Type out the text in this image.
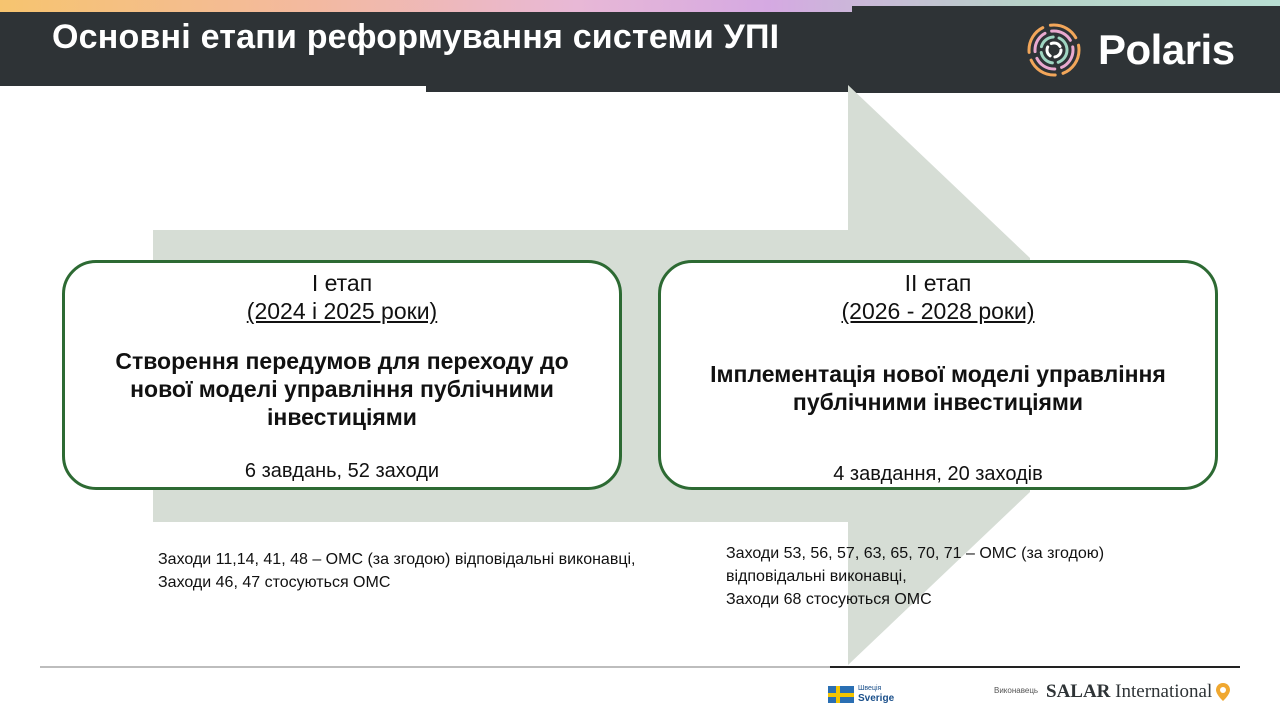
Основні етапи реформування системи УПІ	Polaris
І етап
(2024 і 2025 роки)
Створення передумов для переходу до нової моделі управління публічними інвестиціями
6 завдань, 52 заходи
ІІ етап
(2026 - 2028 роки)
Імплементація нової моделі управління публічними інвестиціями
4 завдання, 20 заходів
Заходи 11,14, 41, 48 – ОМС (за згодою) відповідальні виконавці,
Заходи 46, 47 стосуються ОМС
Заходи 53, 56, 57, 63, 65, 70, 71 – ОМС (за згодою) відповідальні виконавці,
Заходи 68 стосуються ОМС
Швеція
Sverige
Виконавець SALAR International
